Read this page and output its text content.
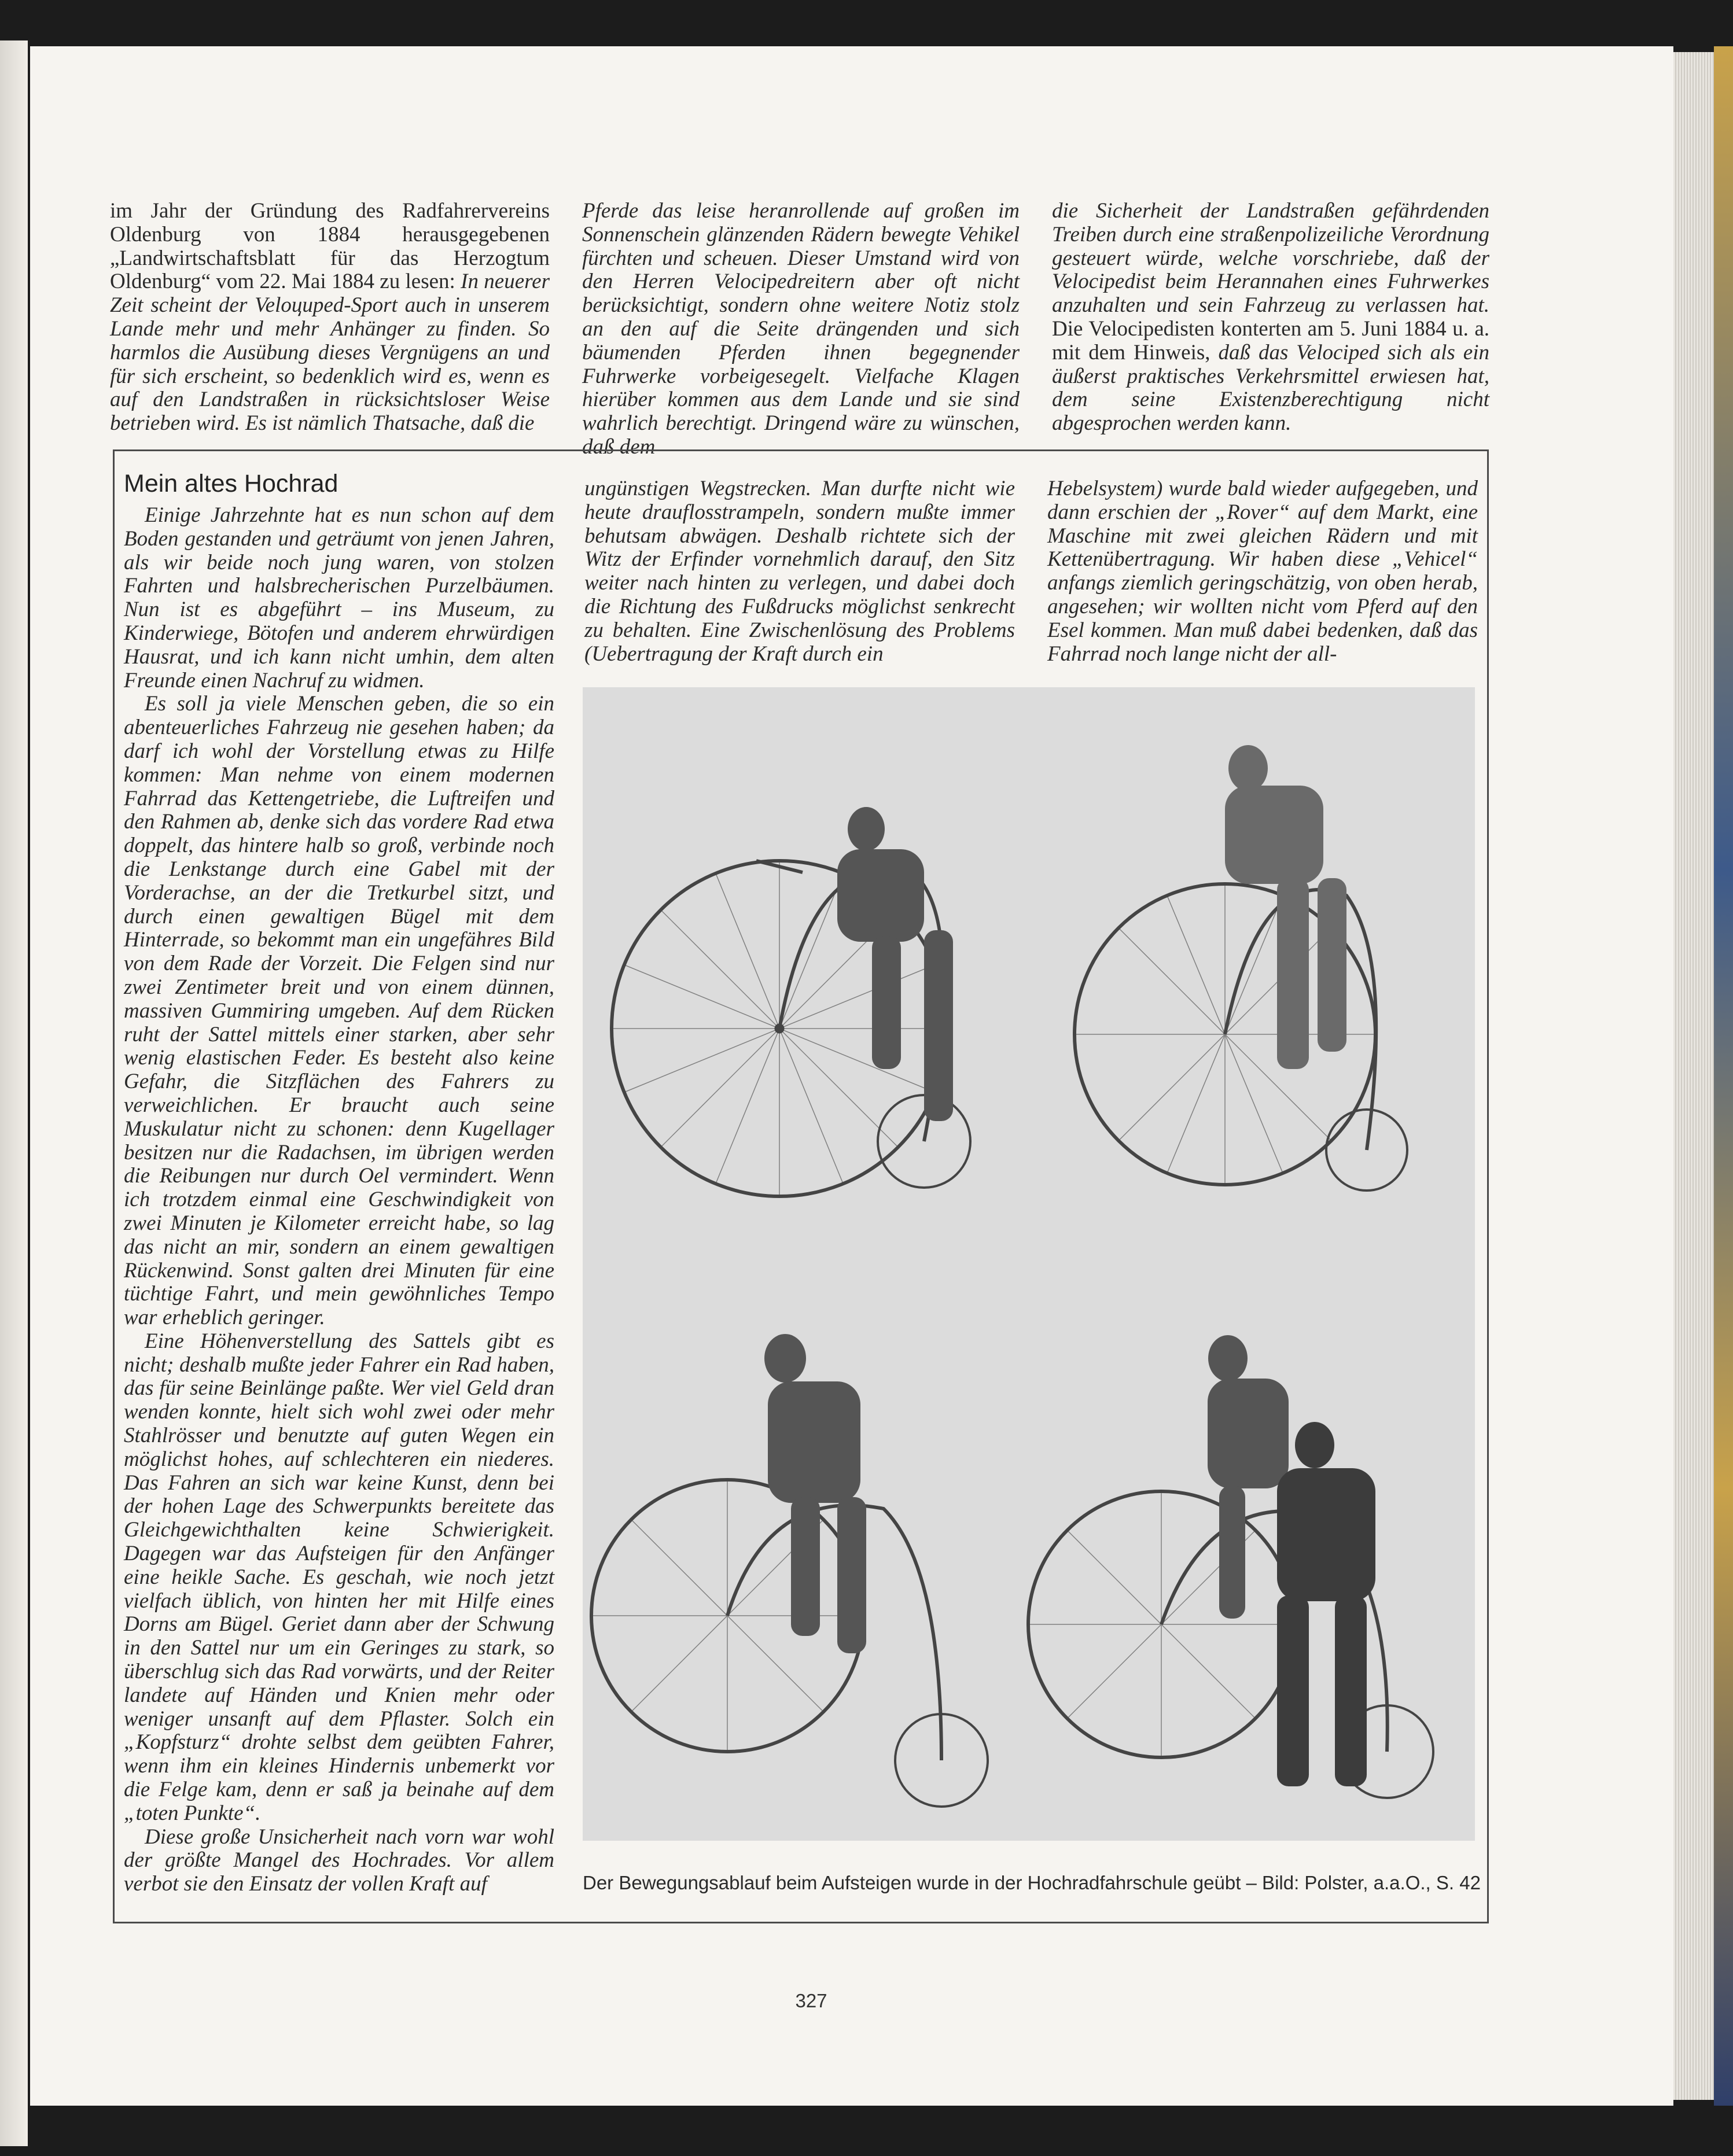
im Jahr der Gründung des Radfahrervereins Oldenburg von 1884 herausgegebenen „Landwirtschaftsblatt für das Herzogtum Oldenburg“ vom 22. Mai 1884 zu lesen: In neuerer Zeit scheint der Veloциped-Sport auch in unserem Lande mehr und mehr Anhänger zu finden. So harmlos die Ausübung dieses Vergnügens an und für sich erscheint, so bedenklich wird es, wenn es auf den Landstraßen in rücksichtsloser Weise betrieben wird. Es ist nämlich Thatsache, daß die

Pferde das leise heranrollende auf großen im Sonnenschein glänzenden Rädern bewegte Vehikel fürchten und scheuen. Dieser Umstand wird von den Herren Velocipedreitern aber oft nicht berücksichtigt, sondern ohne weitere Notiz stolz an den auf die Seite drängenden und sich bäumenden Pferden ihnen begegnender Fuhrwerke vorbeigesegelt. Vielfache Klagen hierüber kommen aus dem Lande und sie sind wahrlich berechtigt. Dringend wäre zu wünschen, daß dem

die Sicherheit der Landstraßen gefährdenden Treiben durch eine straßenpolizeiliche Verordnung gesteuert würde, welche vorschriebe, daß der Velocipedist beim Herannahen eines Fuhrwerkes anzuhalten und sein Fahrzeug zu verlassen hat. Die Velocipedisten konterten am 5. Juni 1884 u. a. mit dem Hinweis, daß das Velociped sich als ein äußerst praktisches Verkehrsmittel erwiesen hat, dem seine Existenzberechtigung nicht abgesprochen werden kann.

Mein altes Hochrad

Einige Jahrzehnte hat es nun schon auf dem Boden gestanden und geträumt von jenen Jahren, als wir beide noch jung waren, von stolzen Fahrten und halsbrecherischen Purzelbäumen. Nun ist es abgeführt – ins Museum, zu Kinderwiege, Bötofen und anderem ehrwürdigen Hausrat, und ich kann nicht umhin, dem alten Freunde einen Nachruf zu widmen.

Es soll ja viele Menschen geben, die so ein abenteuerliches Fahrzeug nie gesehen haben; da darf ich wohl der Vorstellung etwas zu Hilfe kommen: Man nehme von einem modernen Fahrrad das Kettengetriebe, die Luftreifen und den Rahmen ab, denke sich das vordere Rad etwa doppelt, das hintere halb so groß, verbinde noch die Lenkstange durch eine Gabel mit der Vorderachse, an der die Tretkurbel sitzt, und durch einen gewaltigen Bügel mit dem Hinterrade, so bekommt man ein ungefähres Bild von dem Rade der Vorzeit. Die Felgen sind nur zwei Zentimeter breit und von einem dünnen, massiven Gummiring umgeben. Auf dem Rücken ruht der Sattel mittels einer starken, aber sehr wenig elastischen Feder. Es besteht also keine Gefahr, die Sitzflächen des Fahrers zu verweichlichen. Er braucht auch seine Muskulatur nicht zu schonen: denn Kugellager besitzen nur die Radachsen, im übrigen werden die Reibungen nur durch Oel vermindert. Wenn ich trotzdem einmal eine Geschwindigkeit von zwei Minuten je Kilometer erreicht habe, so lag das nicht an mir, sondern an einem gewaltigen Rückenwind. Sonst galten drei Minuten für eine tüchtige Fahrt, und mein gewöhnliches Tempo war erheblich geringer.

Eine Höhenverstellung des Sattels gibt es nicht; deshalb mußte jeder Fahrer ein Rad haben, das für seine Beinlänge paßte. Wer viel Geld dran wenden konnte, hielt sich wohl zwei oder mehr Stahlrösser und benutzte auf guten Wegen ein möglichst hohes, auf schlechteren ein niederes. Das Fahren an sich war keine Kunst, denn bei der hohen Lage des Schwerpunkts bereitete das Gleichgewichthalten keine Schwierigkeit. Dagegen war das Aufsteigen für den Anfänger eine heikle Sache. Es geschah, wie noch jetzt vielfach üblich, von hinten her mit Hilfe eines Dorns am Bügel. Geriet dann aber der Schwung in den Sattel nur um ein Geringes zu stark, so überschlug sich das Rad vorwärts, und der Reiter landete auf Händen und Knien mehr oder weniger unsanft auf dem Pflaster. Solch ein „Kopfsturz“ drohte selbst dem geübten Fahrer, wenn ihm ein kleines Hindernis unbemerkt vor die Felge kam, denn er saß ja beinahe auf dem „toten Punkte“.

Diese große Unsicherheit nach vorn war wohl der größte Mangel des Hochrades. Vor allem verbot sie den Einsatz der vollen Kraft auf

ungünstigen Wegstrecken. Man durfte nicht wie heute drauflosstrampeln, sondern mußte immer behutsam abwägen. Deshalb richtete sich der Witz der Erfinder vornehmlich darauf, den Sitz weiter nach hinten zu verlegen, und dabei doch die Richtung des Fußdrucks möglichst senkrecht zu behalten. Eine Zwischenlösung des Problems (Uebertragung der Kraft durch ein

Hebelsystem) wurde bald wieder aufgegeben, und dann erschien der „Rover“ auf dem Markt, eine Maschine mit zwei gleichen Rädern und mit Kettenübertragung. Wir haben diese „Vehicel“ anfangs ziemlich geringschätzig, von oben herab, angesehen; wir wollten nicht vom Pferd auf den Esel kommen. Man muß dabei bedenken, daß das Fahrrad noch lange nicht der all-

Der Bewegungsablauf beim Aufsteigen wurde in der Hochradfahrschule geübt – Bild: Polster, a.a.O., S. 42
327
